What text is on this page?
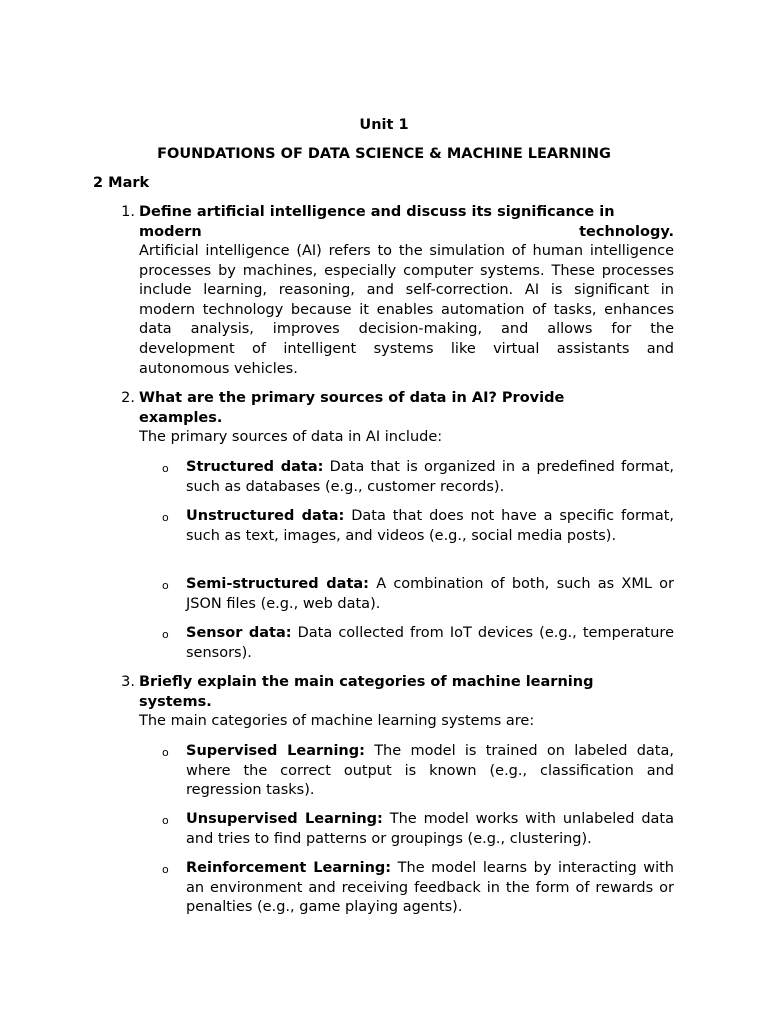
Unit 1
FOUNDATIONS OF DATA SCIENCE & MACHINE LEARNING
2 Mark
1. Define artificial intelligence and discuss its significance in
modern technology.

Artificial intelligence (AI) refers to the simulation of human intelligence processes by machines, especially computer systems. These processes include learning, reasoning, and self-correction. AI is significant in modern technology because it enables automation of tasks, enhances data analysis, improves decision-making, and allows for the development of intelligent systems like virtual assistants and autonomous vehicles.

2. What are the primary sources of data in AI? Provide
examples.

The primary sources of data in AI include:

o Structured data: Data that is organized in a predefined format, such as databases (e.g., customer records).
o Unstructured data: Data that does not have a specific format, such as text, images, and videos (e.g., social media posts).
o Semi-structured data: A combination of both, such as XML or JSON files (e.g., web data).
o Sensor data: Data collected from IoT devices (e.g., temperature sensors).
3. Briefly explain the main categories of machine learning
systems.

The main categories of machine learning systems are:

o Supervised Learning: The model is trained on labeled data, where the correct output is known (e.g., classification and regression tasks).
o Unsupervised Learning: The model works with unlabeled data and tries to find patterns or groupings (e.g., clustering).
o Reinforcement Learning: The model learns by interacting with an environment and receiving feedback in the form of rewards or penalties (e.g., game playing agents).
